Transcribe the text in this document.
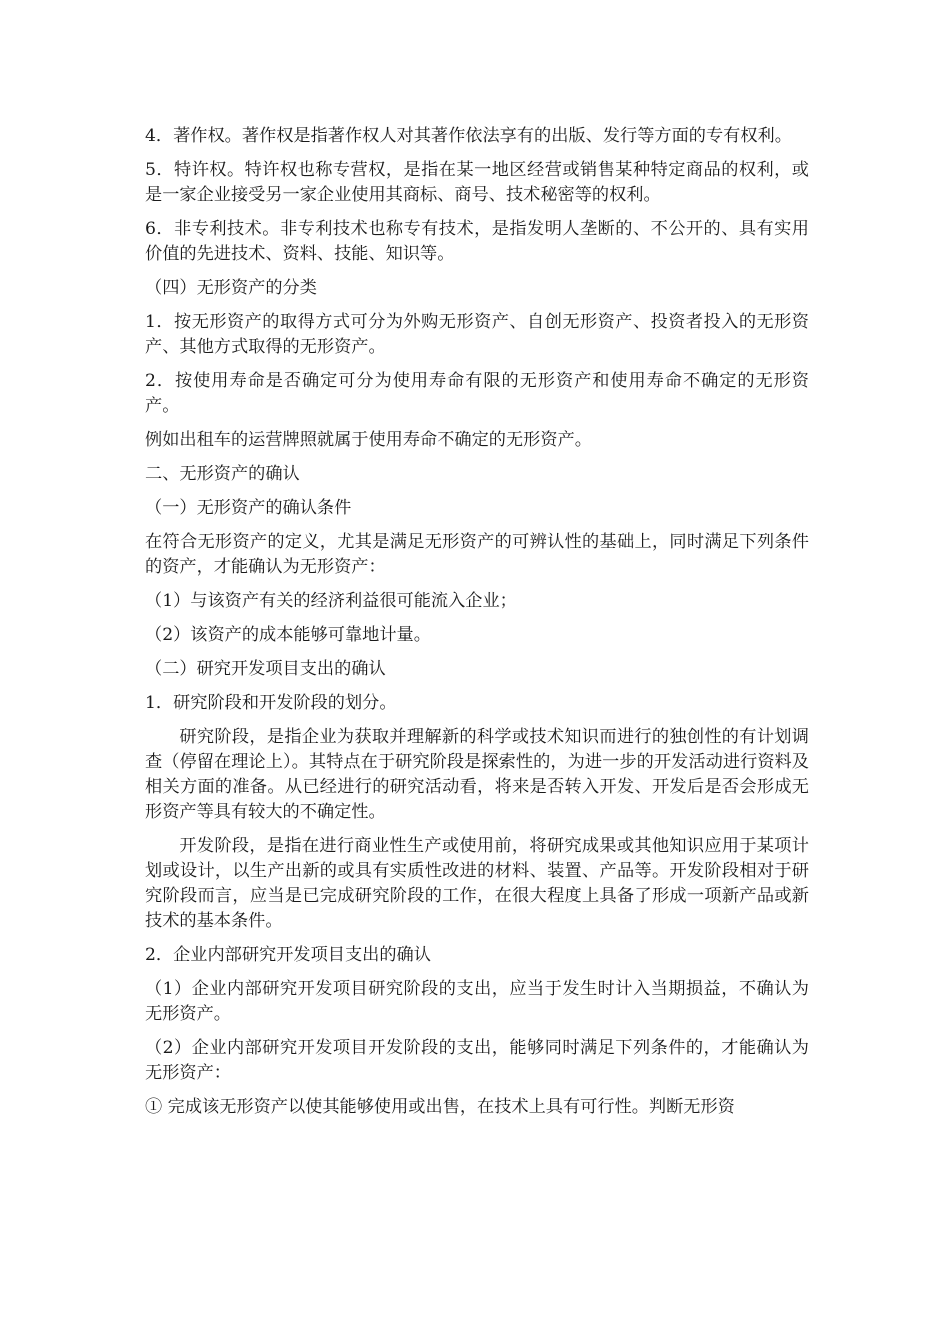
4．著作权。著作权是指著作权人对其著作依法享有的出版、发行等方面的专有权利。

5．特许权。特许权也称专营权，是指在某一地区经营或销售某种特定商品的权利，或是一家企业接受另一家企业使用其商标、商号、技术秘密等的权利。

6．非专利技术。非专利技术也称专有技术，是指发明人垄断的、不公开的、具有实用价值的先进技术、资料、技能、知识等。

（四）无形资产的分类

1．按无形资产的取得方式可分为外购无形资产、自创无形资产、投资者投入的无形资产、其他方式取得的无形资产。

2．按使用寿命是否确定可分为使用寿命有限的无形资产和使用寿命不确定的无形资产。

例如出租车的运营牌照就属于使用寿命不确定的无形资产。

二、无形资产的确认

（一）无形资产的确认条件

在符合无形资产的定义，尤其是满足无形资产的可辨认性的基础上，同时满足下列条件的资产，才能确认为无形资产：

（1）与该资产有关的经济利益很可能流入企业；

（2）该资产的成本能够可靠地计量。

（二）研究开发项目支出的确认

1．研究阶段和开发阶段的划分。

研究阶段，是指企业为获取并理解新的科学或技术知识而进行的独创性的有计划调查（停留在理论上）。其特点在于研究阶段是探索性的，为进一步的开发活动进行资料及相关方面的准备。从已经进行的研究活动看，将来是否转入开发、开发后是否会形成无形资产等具有较大的不确定性。

开发阶段，是指在进行商业性生产或使用前，将研究成果或其他知识应用于某项计划或设计，以生产出新的或具有实质性改进的材料、装置、产品等。开发阶段相对于研究阶段而言，应当是已完成研究阶段的工作，在很大程度上具备了形成一项新产品或新技术的基本条件。

2．企业内部研究开发项目支出的确认

（1）企业内部研究开发项目研究阶段的支出，应当于发生时计入当期损益，不确认为无形资产。

（2）企业内部研究开发项目开发阶段的支出，能够同时满足下列条件的，才能确认为无形资产：

① 完成该无形资产以使其能够使用或出售，在技术上具有可行性。判断无形资
